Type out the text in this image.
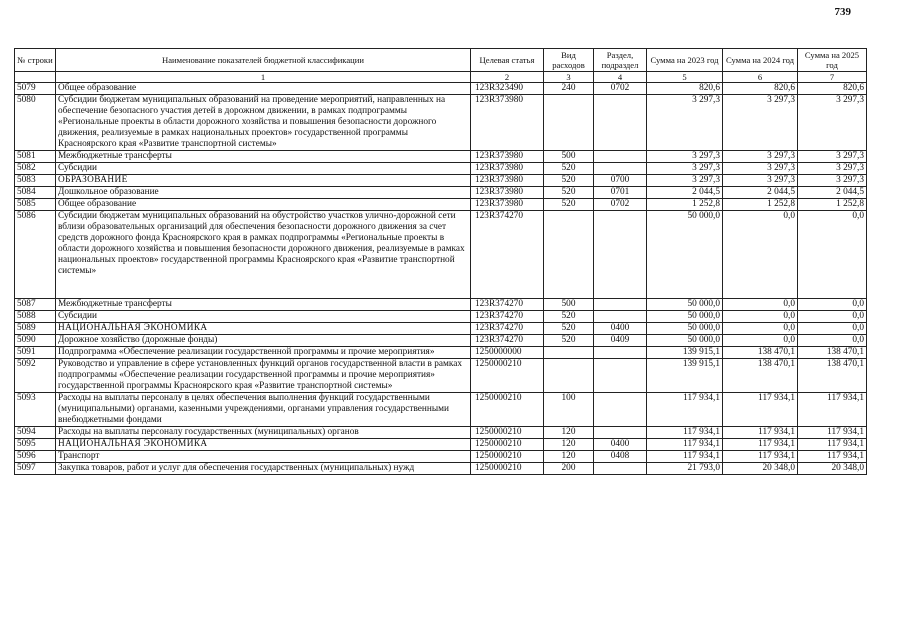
739
№ строки	Наименование показателей бюджетной классификации	Целевая статья	Вид расходов	Раздел, подраздел	Сумма на 2023 год	Сумма на 2024 год	Сумма на 2025 год
	1	2	3	4	5	6	7
5079	Общее образование	123R323490	240	0702	820,6	820,6	820,6
5080	Субсидии бюджетам муниципальных образований на проведение мероприятий, направленных на обеспечение безопасного участия детей в дорожном движении, в рамках подпрограммы «Региональные проекты в области дорожного хозяйства и повышения безопасности дорожного движения, реализуемые в рамках национальных проектов» государственной программы Красноярского края «Развитие транспортной системы»	123R373980			3 297,3	3 297,3	3 297,3
5081	Межбюджетные трансферты	123R373980	500		3 297,3	3 297,3	3 297,3
5082	Субсидии	123R373980	520		3 297,3	3 297,3	3 297,3
5083	ОБРАЗОВАНИЕ	123R373980	520	0700	3 297,3	3 297,3	3 297,3
5084	Дошкольное образование	123R373980	520	0701	2 044,5	2 044,5	2 044,5
5085	Общее образование	123R373980	520	0702	1 252,8	1 252,8	1 252,8
5086	Субсидии бюджетам муниципальных образований на обустройство участков улично-дорожной сети вблизи образовательных организаций для обеспечения безопасности дорожного движения за счет средств дорожного фонда Красноярского края в рамках подпрограммы «Региональные проекты в области дорожного хозяйства и повышения безопасности дорожного движения, реализуемые в рамках национальных проектов» государственной программы Красноярского края «Развитие транспортной системы»	123R374270			50 000,0	0,0	0,0
5087	Межбюджетные трансферты	123R374270	500		50 000,0	0,0	0,0
5088	Субсидии	123R374270	520		50 000,0	0,0	0,0
5089	НАЦИОНАЛЬНАЯ ЭКОНОМИКА	123R374270	520	0400	50 000,0	0,0	0,0
5090	Дорожное хозяйство (дорожные фонды)	123R374270	520	0409	50 000,0	0,0	0,0
5091	Подпрограмма «Обеспечение реализации государственной программы и прочие мероприятия»	1250000000			139 915,1	138 470,1	138 470,1
5092	Руководство и управление в сфере установленных функций органов государственной власти в рамках подпрограммы «Обеспечение реализации государственной программы и прочие мероприятия» государственной программы Красноярского края «Развитие транспортной системы»	1250000210			139 915,1	138 470,1	138 470,1
5093	Расходы на выплаты персоналу в целях обеспечения выполнения функций государственными (муниципальными) органами, казенными учреждениями, органами управления государственными внебюджетными фондами	1250000210	100		117 934,1	117 934,1	117 934,1
5094	Расходы на выплаты персоналу государственных (муниципальных) органов	1250000210	120		117 934,1	117 934,1	117 934,1
5095	НАЦИОНАЛЬНАЯ ЭКОНОМИКА	1250000210	120	0400	117 934,1	117 934,1	117 934,1
5096	Транспорт	1250000210	120	0408	117 934,1	117 934,1	117 934,1
5097	Закупка товаров, работ и услуг для обеспечения государственных (муниципальных) нужд	1250000210	200		21 793,0	20 348,0	20 348,0
